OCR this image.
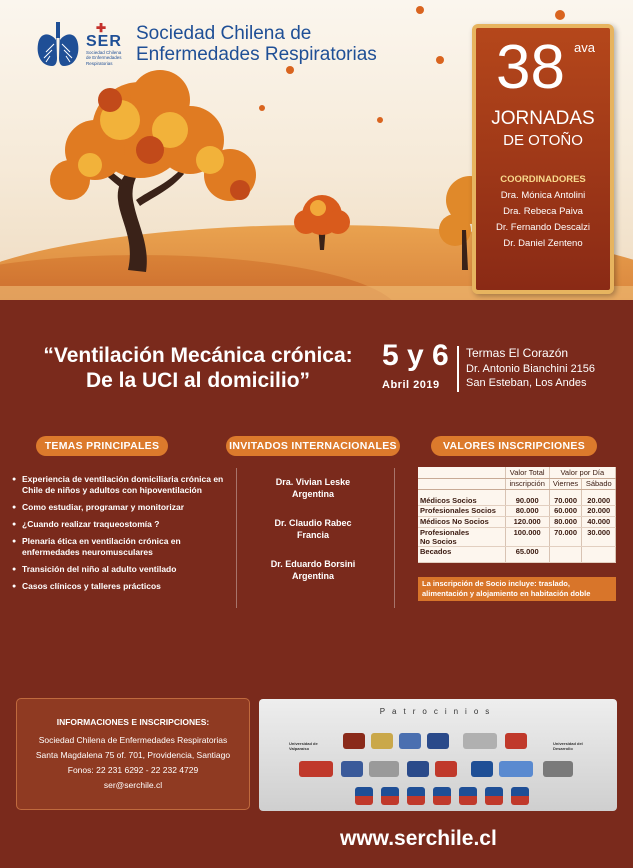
✚
SER
Sociedad Chilena
de Enfermedades
Respiratorias
Sociedad Chilena de
Enfermedades Respiratorias 38 ava
JORNADAS
DE OTOÑO
COORDINADORES
Dra. Mónica Antolini
Dra. Rebeca Paiva
Dr. Fernando Descalzi
Dr. Daniel Zenteno
“Ventilación Mecánica crónica:
De la UCI al domicilio”
5 y 6
Abril 2019
Termas El Corazón
Dr. Antonio Bianchini 2156
San Esteban, Los Andes
TEMAS PRINCIPALES	INVITADOS INTERNACIONALES	VALORES INSCRIPCIONES
● Experiencia de ventilación domiciliaria crónica en Chile de niños y adultos con hipoventilación
● Como estudiar, programar y monitorizar
● ¿Cuando realizar traqueostomía ?
● Plenaria ética en ventilación crónica en enfermedades neuromusculares
● Transición del niño al adulto ventilado
● Casos clínicos y talleres prácticos
Dra. Vivian Leske
Argentina
Dr. Claudio Rabec
Francia
Dr. Eduardo Borsini
Argentina
	Valor Total	Valor por Día	
	inscripción	Viernes	Sábado
Médicos Socios	90.000	70.000	20.000
Profesionales Socios	80.000	60.000	20.000
Médicos No Socios	120.000	80.000	40.000

Profesionales
No Socios	100.000	70.000	30.000
Becados	65.000		
La inscripción de Socio incluye: traslado, alimentación y alojamiento en habitación doble
INFORMACIONES E INSCRIPCIONES:
Sociedad Chilena de Enfermedades Respiratorias
Santa Magdalena 75 of. 701, Providencia, Santiago
Fonos: 22 231 6292 - 22 232 4729
ser@serchile.cl
Patrocinios
Universidad de Valparaíso
Universidad del Desarrollo
www.serchile.cl
